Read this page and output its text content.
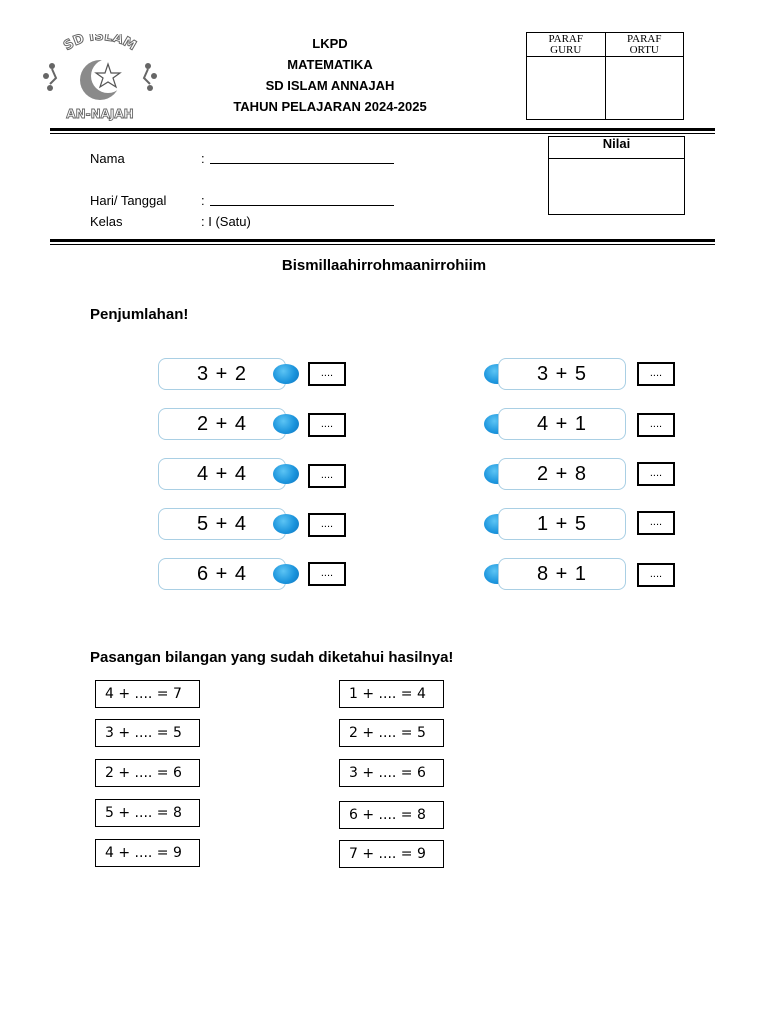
SD ISLAM
AN-NAJAH
LKPD
MATEMATIKA
SD ISLAM ANNAJAH
TAHUN PELAJARAN 2024-2025
PARAF
GURU
PARAF
ORTU
Nilai
Nama	:
Hari/ Tanggal	:
Kelas	: I (Satu)
Bismillaahirrohmaanirrohiim
Penjumlahan!
Pasangan bilangan yang sudah diketahui hasilnya!
3 + 2	....
2 + 4	....
4 + 4	....
5 + 4	....
6 + 4	....
3 + 5	....
4 + 1	....
2 + 8	....
1 + 5	....
8 + 1	....
4 + .... = 7
3 + .... = 5
2 + .... = 6
5 + .... = 8
4 + .... = 9
1 + .... = 4
2 + .... = 5
3 + .... = 6
6 + .... = 8
7 + .... = 9
